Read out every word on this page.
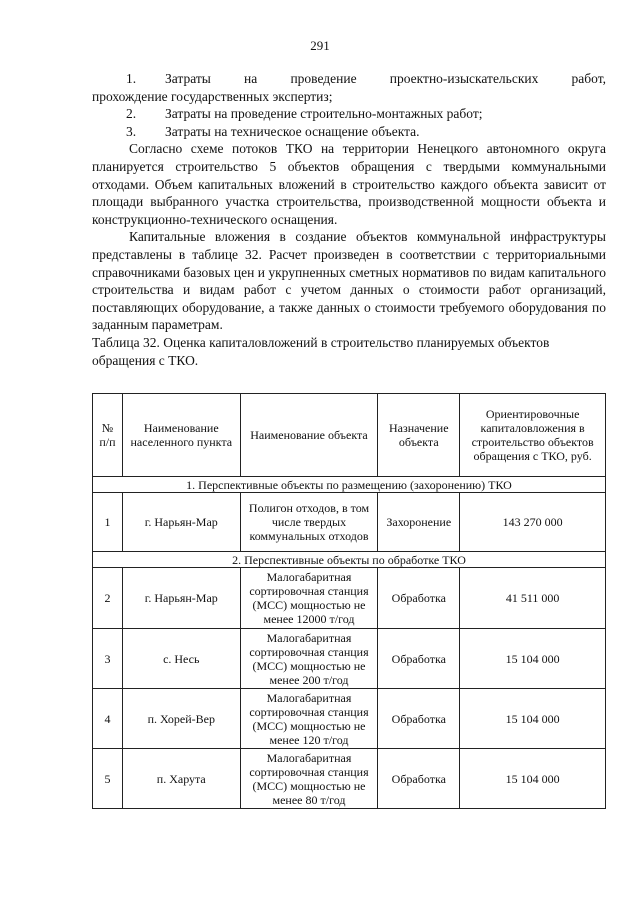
291
1.	Затраты на проведение проектно-изыскательских работ,
прохождение государственных экспертиз;
2.	Затраты на проведение строительно-монтажных работ;
3.	Затраты на техническое оснащение объекта.

Согласно схеме потоков ТКО на территории Ненецкого автономного округа планируется строительство 5 объектов обращения с твердыми коммунальными отходами. Объем капитальных вложений в строительство каждого объекта зависит от площади выбранного участка строительства, производственной мощности объекта и конструкционно-технического оснащения.

Капитальные вложения в создание объектов коммунальной инфраструктуры представлены в таблице 32. Расчет произведен в соответствии с территориальными справочниками базовых цен и укрупненных сметных нормативов по видам капитального строительства и видам работ с учетом данных о стоимости работ организаций, поставляющих оборудование, а также данных о стоимости требуемого оборудования по заданным параметрам.

Таблица 32. Оценка капиталовложений в строительство планируемых объектов обращения с ТКО.

№ п/п	Наименование населенного пункта	Наименование объекта	Назначение объекта	Ориентировочные капиталовложения в строительство объектов обращения с ТКО, руб.
1. Перспективные объекты по размещению (захоронению) ТКО				
1	г. Нарьян-Мар	Полигон отходов, в том числе твердых коммунальных отходов	Захоронение	143 270 000
2. Перспективные объекты по обработке ТКО				
2	г. Нарьян-Мар	Малогабаритная сортировочная станция (МСС) мощностью не менее 12000 т/год	Обработка	41 511 000
3	с. Несь	Малогабаритная сортировочная станция (МСС) мощностью не менее 200 т/год	Обработка	15 104 000
4	п. Хорей-Вер	Малогабаритная сортировочная станция (МСС) мощностью не менее 120 т/год	Обработка	15 104 000
5	п. Харута	Малогабаритная сортировочная станция (МСС) мощностью не менее 80 т/год	Обработка	15 104 000
